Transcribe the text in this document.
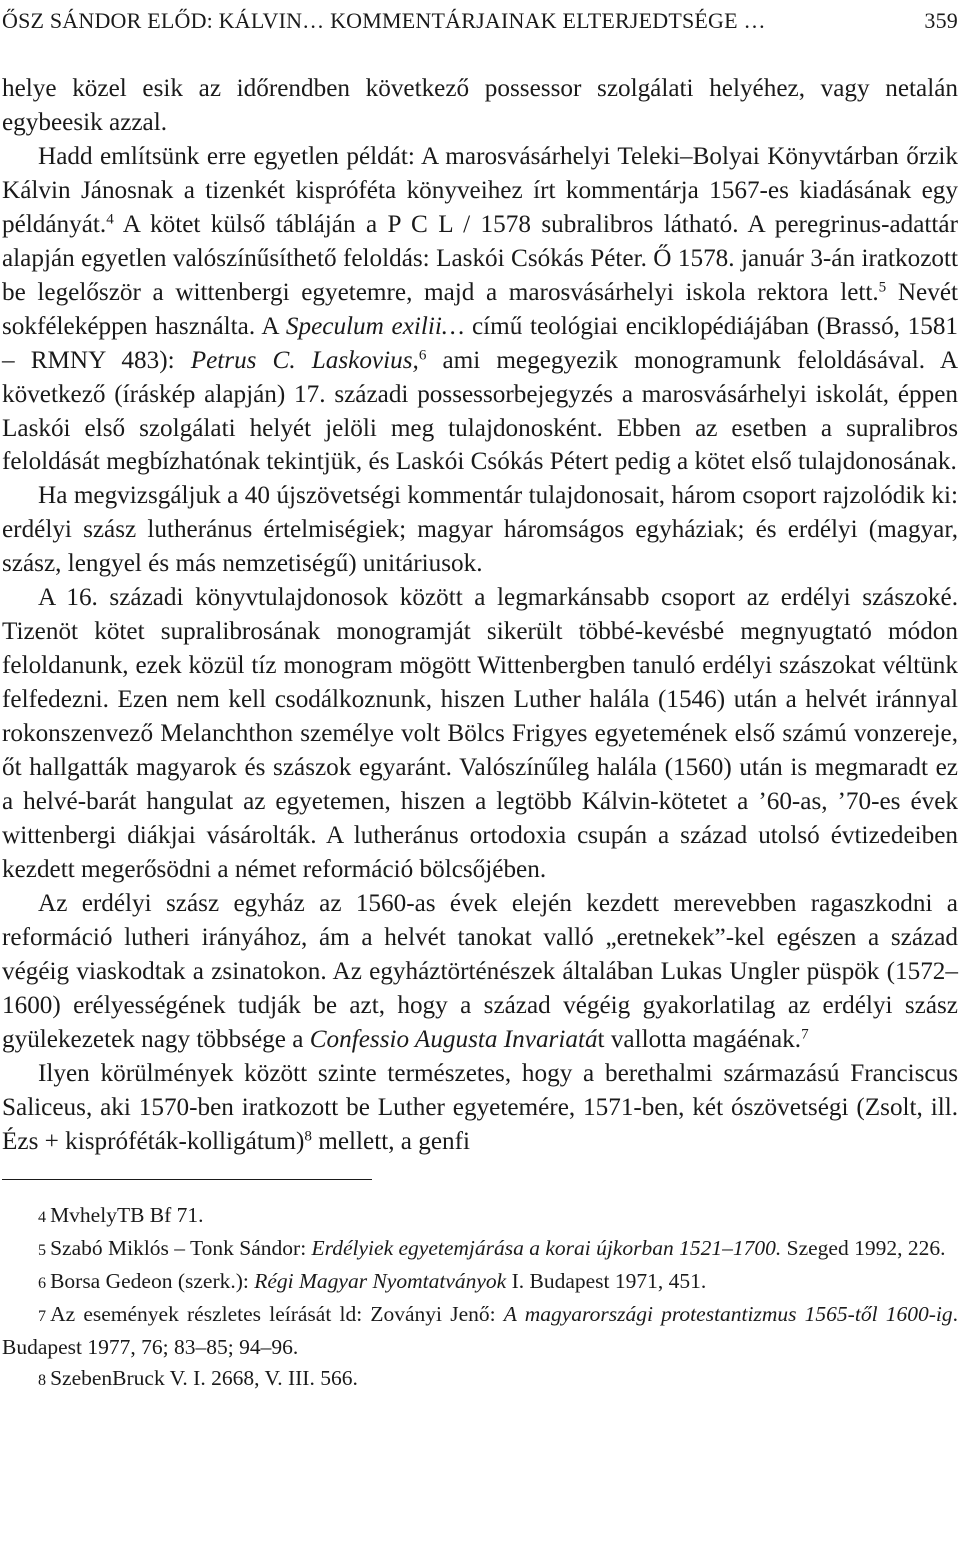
ŐSZ SÁNDOR ELŐD: KÁLVIN… KOMMENTÁRJAINAK ELTERJEDTSÉGE …	359

helye közel esik az időrendben következő possessor szolgálati helyéhez, vagy netalán egybeesik azzal.

Hadd említsünk erre egyetlen példát: A marosvásárhelyi Teleki–Bolyai Könyvtárban őrzik Kálvin Jánosnak a tizenkét kispróféta könyveihez írt kommentárja 1567-es kiadásának egy példányát.$^4$ A kötet külső tábláján a P C L / 1578 subralibros látható. A peregrinus-adattár alapján egyetlen valószínűsíthető feloldás: Laskói Csókás Péter. Ő 1578. január 3-án iratkozott be legelőször a wittenbergi egyetemre, majd a marosvásárhelyi iskola rektora lett.$^5$ Nevét sokféleképpen használta. A Speculum exilii… című teológiai enciklopédiájában (Brassó, 1581 – RMNY 483): Petrus C. Laskovius,$^6$ ami megegyezik monogramunk feloldásával. A következő (íráskép alapján) 17. századi possessorbejegyzés a marosvásárhelyi iskolát, éppen Laskói első szolgálati helyét jelöli meg tulajdonosként. Ebben az esetben a supralibros feloldását megbízhatónak tekintjük, és Laskói Csókás Pétert pedig a kötet első tulajdonosának.

Ha megvizsgáljuk a 40 újszövetségi kommentár tulajdonosait, három csoport rajzolódik ki: erdélyi szász lutheránus értelmiségiek; magyar háromságos egyháziak; és erdélyi (magyar, szász, lengyel és más nemzetiségű) unitáriusok.

A 16. századi könyvtulajdonosok között a legmarkánsabb csoport az erdélyi szászoké. Tizenöt kötet supralibrosának monogramját sikerült többé-kevésbé megnyugtató módon feloldanunk, ezek közül tíz monogram mögött Wittenbergben tanuló erdélyi szászokat véltünk felfedezni. Ezen nem kell csodálkoznunk, hiszen Luther halála (1546) után a helvét iránnyal rokonszenvező Melanchthon személye volt Bölcs Frigyes egyetemének első számú vonzereje, őt hallgatták magyarok és szászok egyaránt. Valószínűleg halála (1560) után is megmaradt ez a helvé-barát hangulat az egyetemen, hiszen a legtöbb Kálvin-kötetet a ’60-as, ’70-es évek wittenbergi diákjai vásárolták. A lutheránus ortodoxia csupán a század utolsó évtizedeiben kezdett megerősödni a német reformáció bölcsőjében.

Az erdélyi szász egyház az 1560-as évek elején kezdett merevebben ragaszkodni a reformáció lutheri irányához, ám a helvét tanokat valló „eretnekek”-kel egészen a század végéig viaskodtak a zsinatokon. Az egyháztörténészek általában Lukas Ungler püspök (1572–1600) erélyességének tudják be azt, hogy a század végéig gyakorlatilag az erdélyi szász gyülekezetek nagy többsége a Confessio Augusta Invariatát vallotta magáénak.$^7$

Ilyen körülmények között szinte természetes, hogy a berethalmi származású Franciscus Saliceus, aki 1570-ben iratkozott be Luther egyetemére, 1571-ben, két ószövetségi (Zsolt, ill. Ézs + kispróféták-kolligátum)$^8$ mellett, a genfi

4 MvhelyTB Bf 71.

5 Szabó Miklós – Tonk Sándor: Erdélyiek egyetemjárása a korai újkorban 1521–1700. Szeged 1992, 226.

6 Borsa Gedeon (szerk.): Régi Magyar Nyomtatványok I. Budapest 1971, 451.

7 Az események részletes leírását ld: Zoványi Jenő: A magyarországi protestantizmus 1565-től 1600-ig. Budapest 1977, 76; 83–85; 94–96.

8 SzebenBruck V. I. 2668, V. III. 566.
